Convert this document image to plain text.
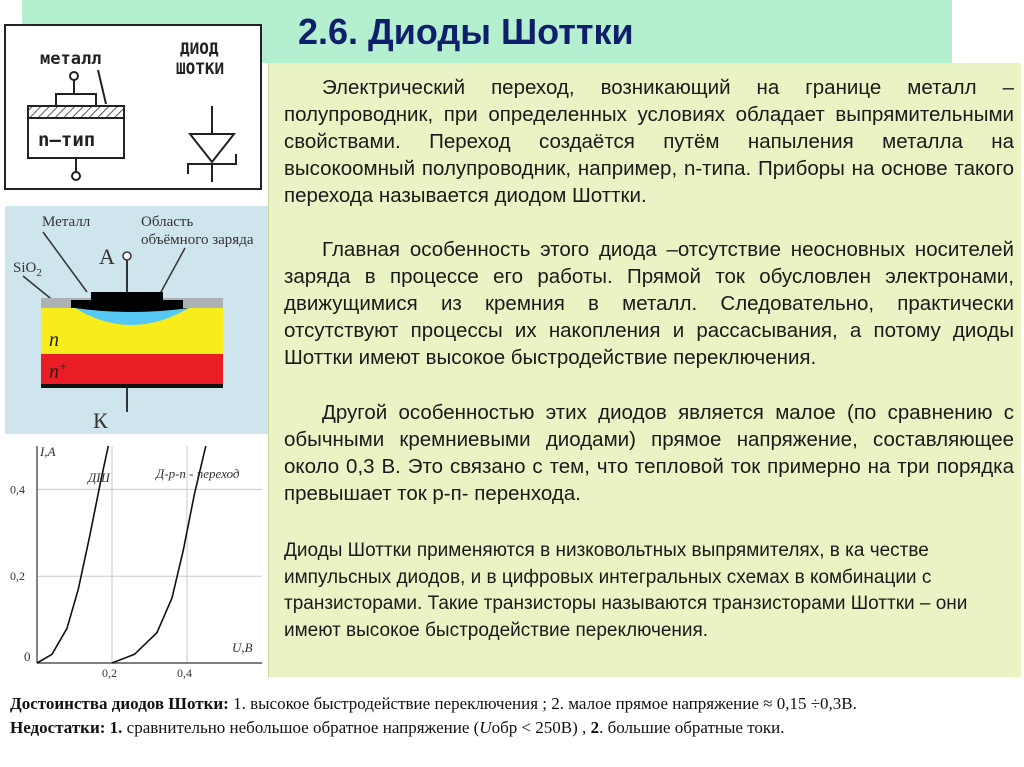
2.6. Диоды Шоттки
металл
n–тип
ДИОД
ШОТКИ
Металл	Область
объёмного заряда
SiO$_2$
А
n
n+
К
I,A
U,В
0
0,2
0,4
0,2	0,4
ДШ	Д-p-n - переход

Электрический переход, возникающий на границе металл – полупроводник, при определенных условиях обладает выпрямительными свойствами. Переход создаётся путём напыления металла на высокоомный полупроводник, например, n-типа. Приборы на основе такого перехода называется диодом Шоттки.

Главная особенность этого диода –отсутствие неосновных носителей заряда в процессе его работы. Прямой ток обусловлен электронами, движущимися из кремния в металл. Следовательно, практически отсутствуют процессы их накопления и рассасывания, а потому диоды Шоттки имеют высокое быстродействие переключения.

Другой особенностью этих диодов является малое (по сравнению с обычными кремниевыми диодами) прямое напряжение, составляющее около 0,3 В. Это связано с тем, что тепловой ток примерно на три порядка превышает ток р-п- перенхода.

Диоды Шоттки применяются в низковольтных выпрямителях, в ка честве импульсных диодов, и в цифровых интегральных схемах в комбинации с транзисторами. Такие транзисторы называются транзисторами Шоттки – они имеют высокое быстродействие переключения.

Достоинства диодов Шотки: 1. высокое быстродействие переключения ; 2. малое прямое напряжение ≈ 0,15 ÷0,3В.
Недостатки: 1. сравнительно небольшое обратное напряжение (Uобр < 250В) , 2. большие обратные токи.
